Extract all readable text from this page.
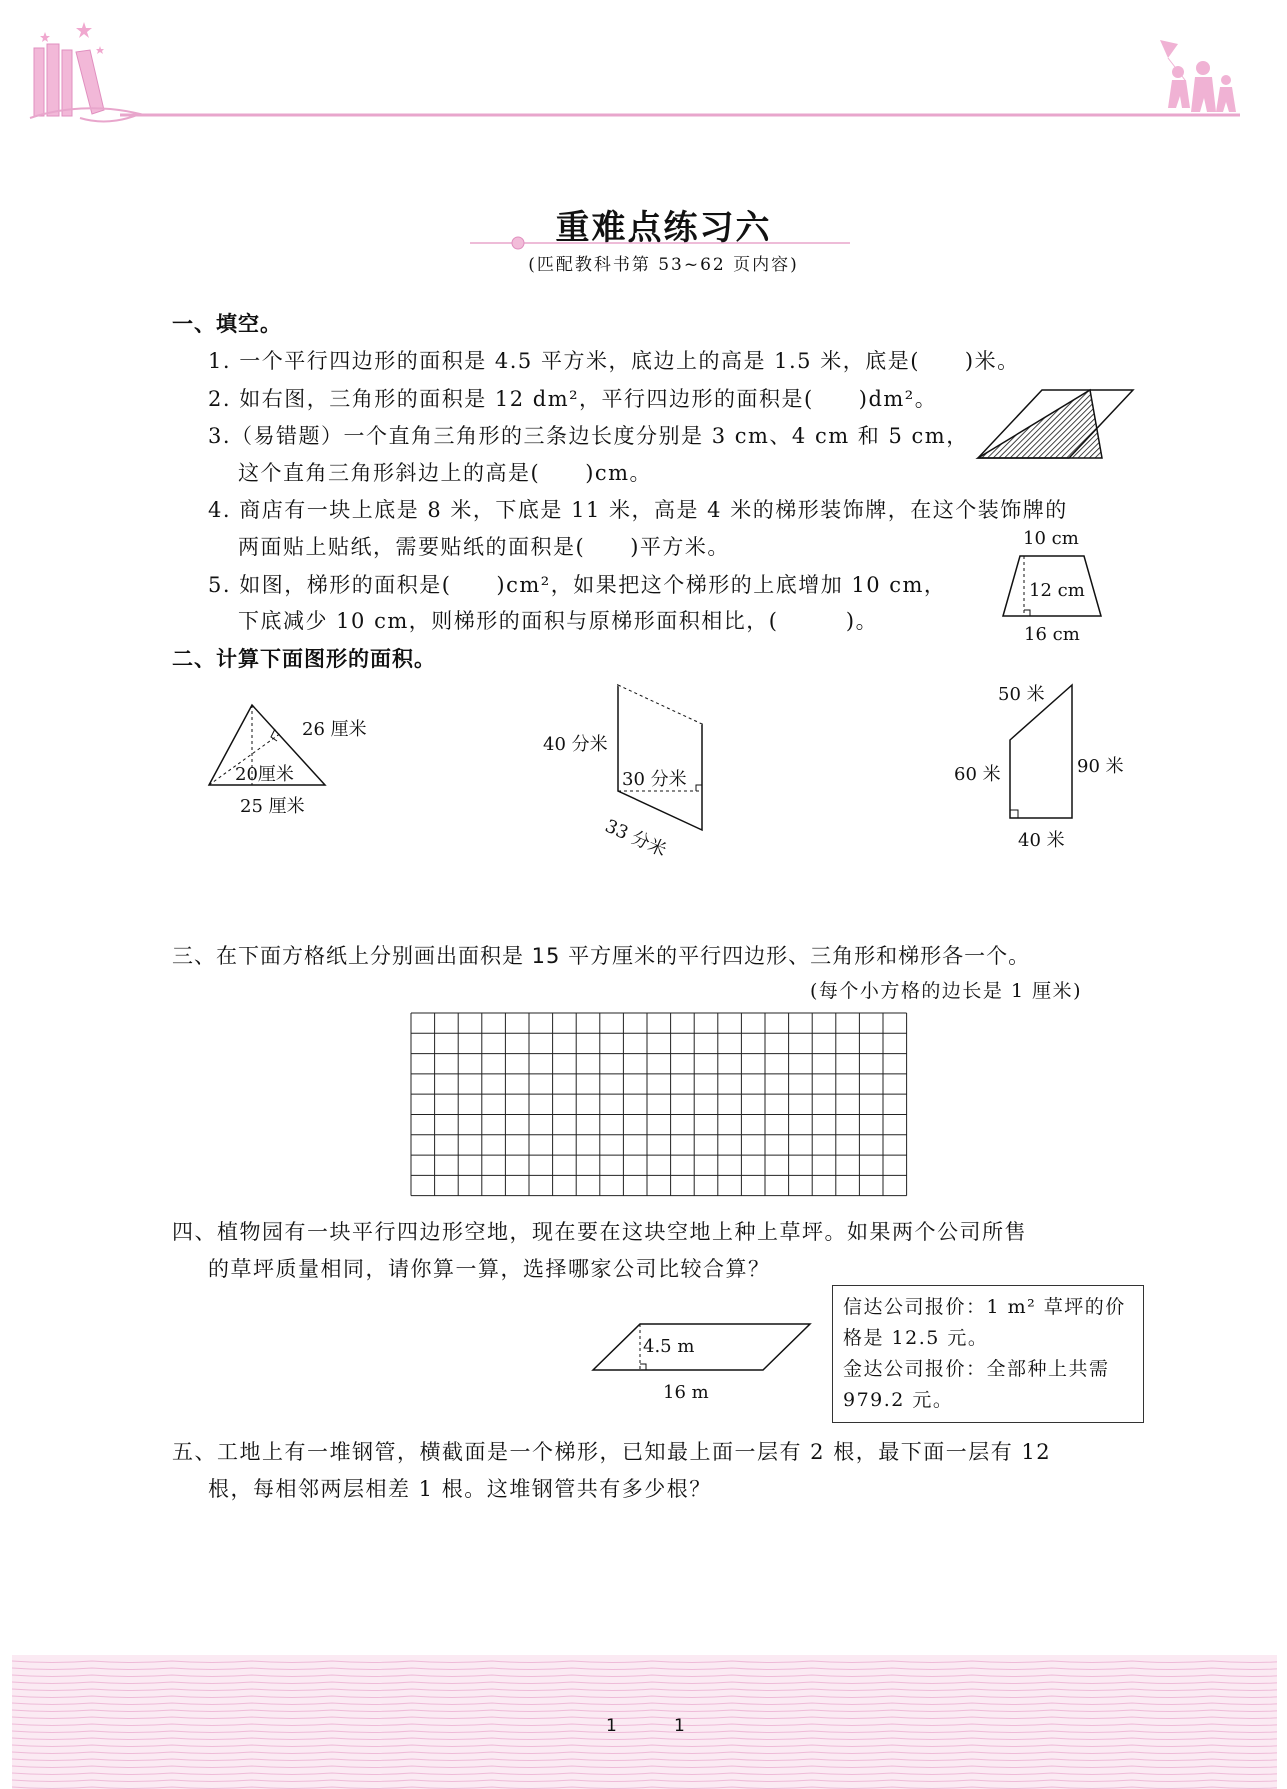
重难点练习六
(匹配教科书第 53~62 页内容)
一、填空。
1. 一个平行四边形的面积是 4.5 平方米，底边上的高是 1.5 米，底是(　　)米。
2. 如右图，三角形的面积是 12 dm²，平行四边形的面积是(　　)dm²。
3.（易错题）一个直角三角形的三条边长度分别是 3 cm、4 cm 和 5 cm，
这个直角三角形斜边上的高是(　　)cm。
4. 商店有一块上底是 8 米，下底是 11 米，高是 4 米的梯形装饰牌，在这个装饰牌的
两面贴上贴纸，需要贴纸的面积是(　　)平方米。
5. 如图，梯形的面积是(　　)cm²，如果把这个梯形的上底增加 10 cm，
下底减少 10 cm，则梯形的面积与原梯形面积相比，(　　　)。
10 cm
12 cm
16 cm
二、计算下面图形的面积。
26 厘米
20厘米
25 厘米
40 分米
30 分米
33 分米
50 米
60 米	90 米
40 米
三、在下面方格纸上分别画出面积是 15 平方厘米的平行四边形、三角形和梯形各一个。
(每个小方格的边长是 1 厘米)
四、植物园有一块平行四边形空地，现在要在这块空地上种上草坪。如果两个公司所售
的草坪质量相同，请你算一算，选择哪家公司比较合算？
4.5 m
16 m
信达公司报价：1 m² 草坪的价
格是 12.5 元。
金达公司报价：全部种上共需
979.2 元。
五、工地上有一堆钢管，横截面是一个梯形，已知最上面一层有 2 根，最下面一层有 12
根，每相邻两层相差 1 根。这堆钢管共有多少根？
1	1
